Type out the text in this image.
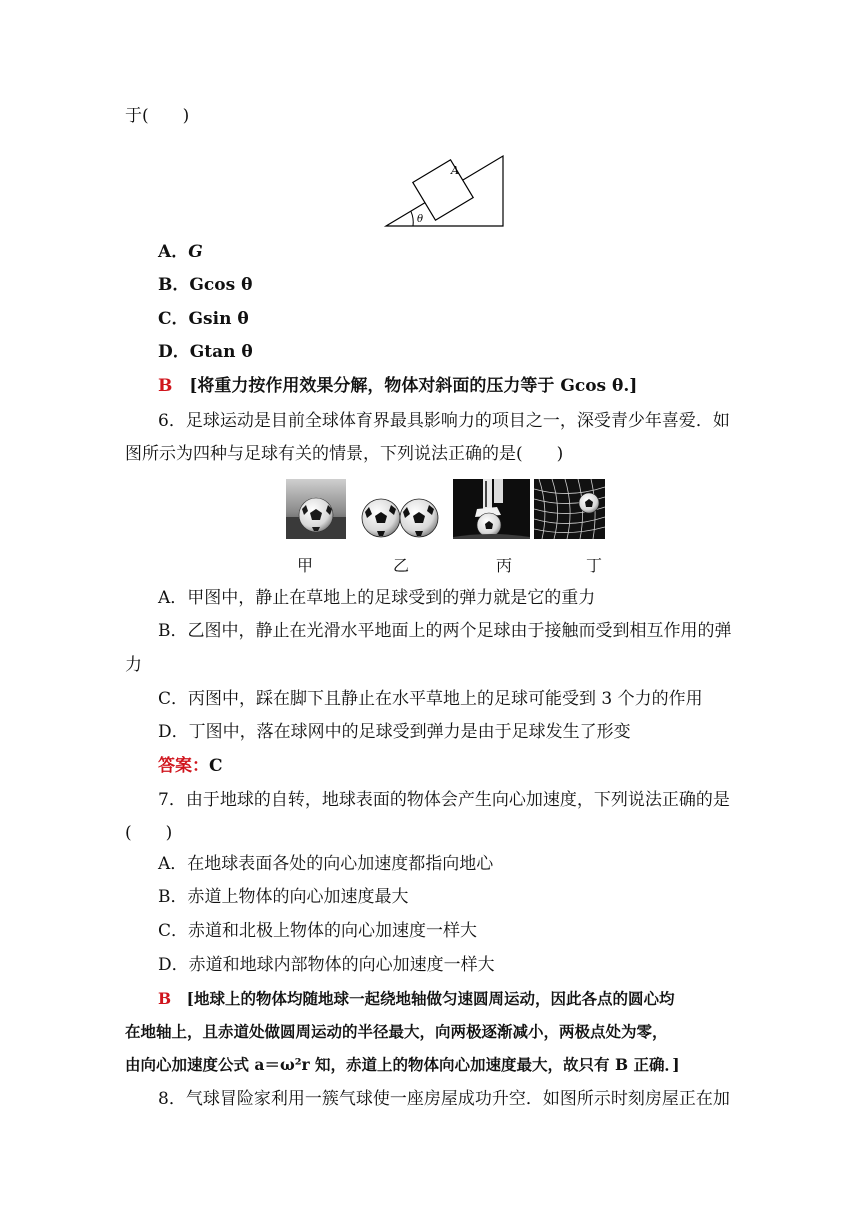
于(　　)
A
θ
A．G
B．Gcos θ
C．Gsin θ
D．Gtan θ
B   [将重力按作用效果分解，物体对斜面的压力等于 Gcos θ.]
6．足球运动是目前全球体育界最具影响力的项目之一，深受青少年喜爱．如
图所示为四种与足球有关的情景，下列说法正确的是(　　)
甲	乙	丙	丁
A．甲图中，静止在草地上的足球受到的弹力就是它的重力
B．乙图中，静止在光滑水平地面上的两个足球由于接触而受到相互作用的弹
力
C．丙图中，踩在脚下且静止在水平草地上的足球可能受到 3 个力的作用
D．丁图中，落在球网中的足球受到弹力是由于足球发生了形变
答案：C
7．由于地球的自转，地球表面的物体会产生向心加速度，下列说法正确的是
(　　)
A．在地球表面各处的向心加速度都指向地心
B．赤道上物体的向心加速度最大
C．赤道和北极上物体的向心加速度一样大
D．赤道和地球内部物体的向心加速度一样大
B   [地球上的物体均随地球一起绕地轴做匀速圆周运动，因此各点的圆心均
在地轴上，且赤道处做圆周运动的半径最大，向两极逐渐减小，两极点处为零，
由向心加速度公式 a＝ω²r 知，赤道上的物体向心加速度最大，故只有 B 正确．]
8．气球冒险家利用一簇气球使一座房屋成功升空．如图所示时刻房屋正在加
